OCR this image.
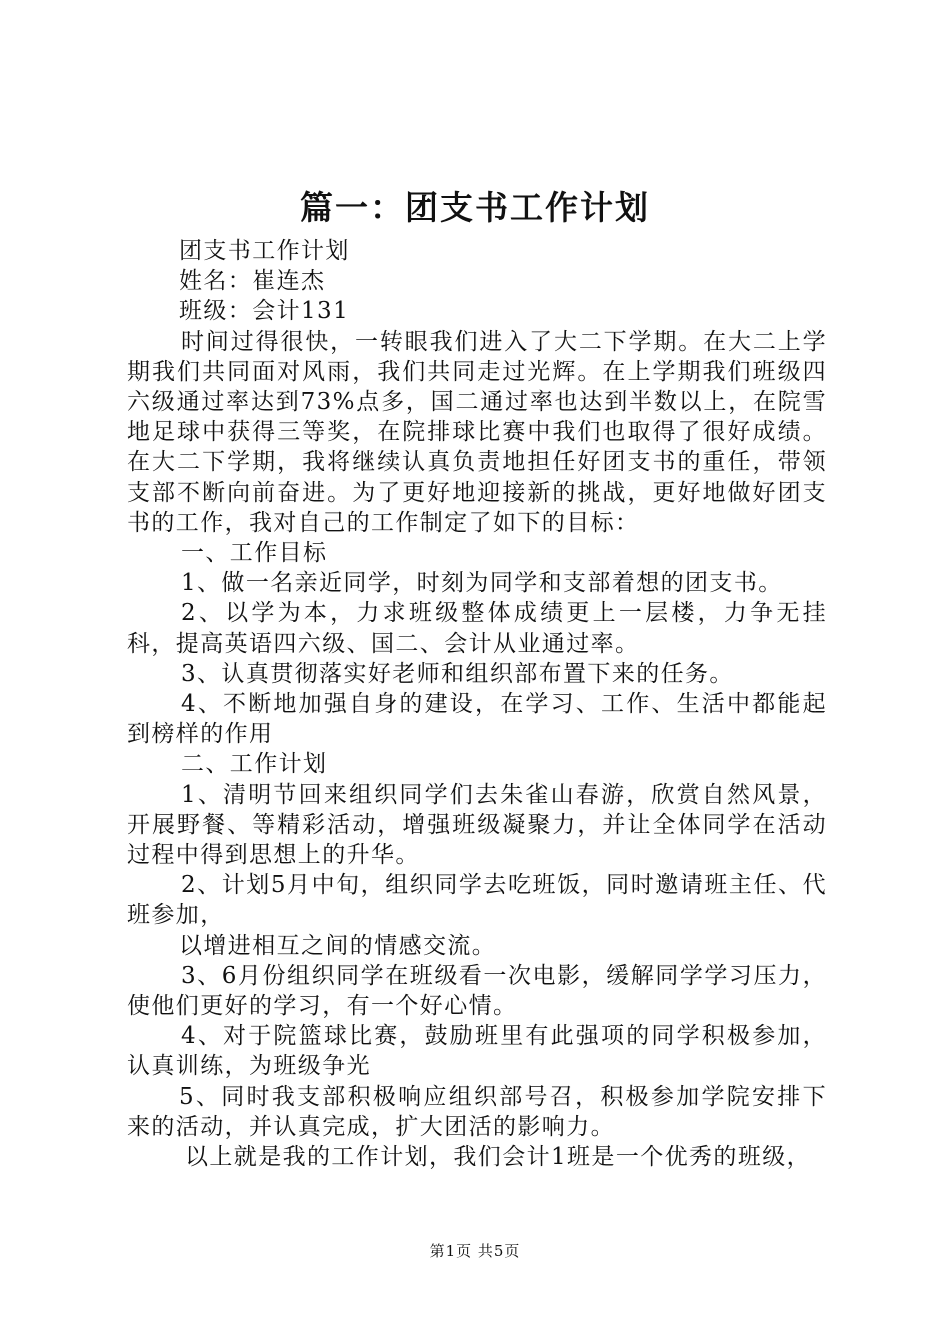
篇一：团支书工作计划

团支书工作计划

姓名：崔连杰

班级：会计131

时间过得很快，一转眼我们进入了大二下学期。在大二上学期我们共同面对风雨，我们共同走过光辉。在上学期我们班级四六级通过率达到73%点多，国二通过率也达到半数以上，在院雪地足球中获得三等奖，在院排球比赛中我们也取得了很好成绩。在大二下学期，我将继续认真负责地担任好团支书的重任，带领支部不断向前奋进。为了更好地迎接新的挑战，更好地做好团支书的工作，我对自己的工作制定了如下的目标：

一、工作目标

1、做一名亲近同学，时刻为同学和支部着想的团支书。

2、以学为本，力求班级整体成绩更上一层楼，力争无挂科，提高英语四六级、国二、会计从业通过率。

3、认真贯彻落实好老师和组织部布置下来的任务。

4、不断地加强自身的建设，在学习、工作、生活中都能起到榜样的作用

二、工作计划

1、清明节回来组织同学们去朱雀山春游，欣赏自然风景，开展野餐、等精彩活动，增强班级凝聚力，并让全体同学在活动过程中得到思想上的升华。

2、计划5月中旬，组织同学去吃班饭，同时邀请班主任、代班参加，

以增进相互之间的情感交流。

3、6月份组织同学在班级看一次电影，缓解同学学习压力，使他们更好的学习，有一个好心情。

4、对于院篮球比赛，鼓励班里有此强项的同学积极参加，认真训练，为班级争光

5、同时我支部积极响应组织部号召，积极参加学院安排下来的活动，并认真完成，扩大团活的影响力。

以上就是我的工作计划，我们会计1班是一个优秀的班级，

第1页 共5页
